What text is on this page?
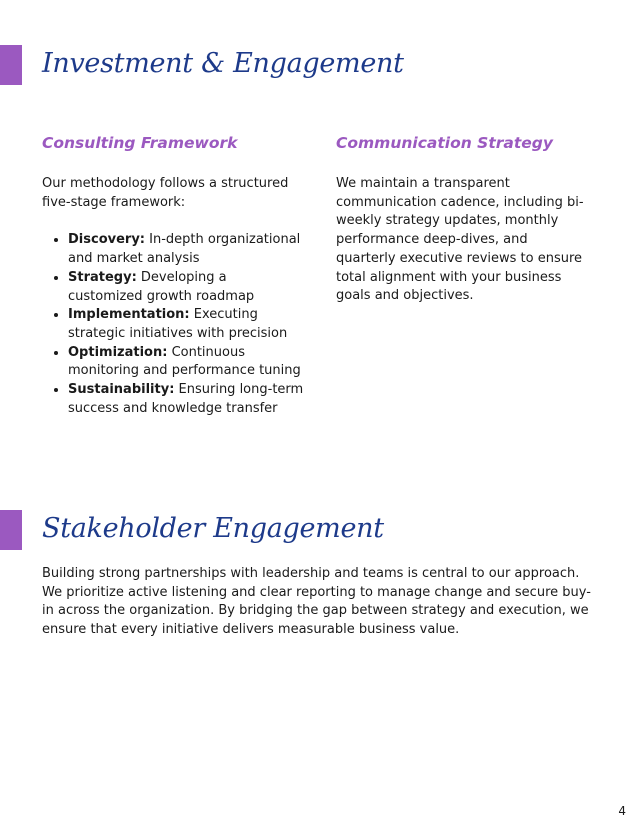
Investment & Engagement
Consulting Framework	Communication Strategy

Our methodology follows a structured five-stage framework:

• Discovery: In-depth organizational and market analysis
• Strategy: Developing a customized growth roadmap
• Implementation: Executing strategic initiatives with precision
• Optimization: Continuous monitoring and performance tuning
• Sustainability: Ensuring long-term success and knowledge transfer

We maintain a transparent communication cadence, including bi-weekly strategy updates, monthly performance deep-dives, and quarterly executive reviews to ensure total alignment with your business goals and objectives.

Stakeholder Engagement

Building strong partnerships with leadership and teams is central to our approach. We prioritize active listening and clear reporting to manage change and secure buy-in across the organization. By bridging the gap between strategy and execution, we ensure that every initiative delivers measurable business value.

4
